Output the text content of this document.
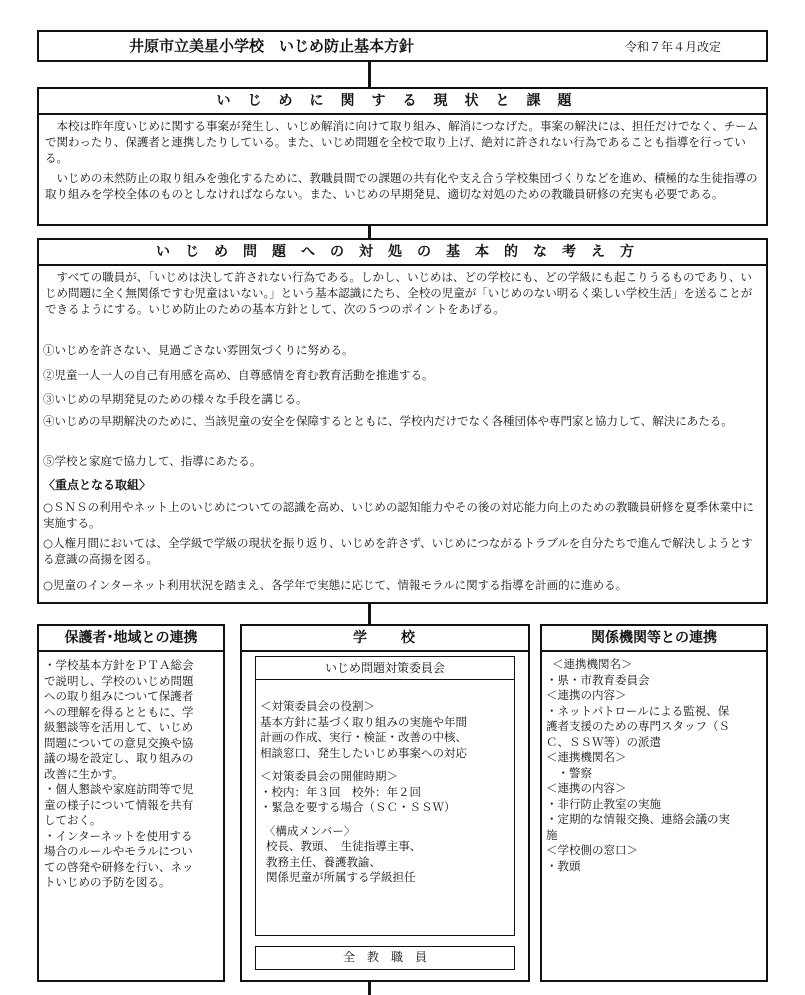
井原市立美星小学校　いじめ防止基本方針	令和７年４月改定
いじめに関する現状と課題
本校は昨年度いじめに関する事案が発生し、いじめ解消に向けて取り組み、解消につなげた。事案の解決には、担任だけでなく、チームで関わったり、保護者と連携したりしている。また、いじめ問題を全校で取り上げ、絶対に許されない行為であることも指導を行っている。
いじめの未然防止の取り組みを強化するために、教職員間での課題の共有化や支え合う学校集団づくりなどを進め、積極的な生徒指導の取り組みを学校全体のものとしなければならない。また、いじめの早期発見、適切な対処のための教職員研修の充実も必要である。
いじめ問題への対処の基本的な考え方
すべての職員が、「いじめは決して許されない行為である。しかし、いじめは、どの学校にも、どの学級にも起こりうるものであり、いじめ問題に全く無関係ですむ児童はいない。」という基本認識にたち、全校の児童が「いじめのない明るく楽しい学校生活」を送ることができるようにする。いじめ防止のための基本方針として、次の５つのポイントをあげる。
①いじめを許さない、見過ごさない雰囲気づくりに努める。
②児童一人一人の自己有用感を高め、自尊感情を育む教育活動を推進する。
③いじめの早期発見のための様々な手段を講じる。
④いじめの早期解決のために、当該児童の安全を保障するとともに、学校内だけでなく各種団体や専門家と協力して、解決にあたる。
⑤学校と家庭で協力して、指導にあたる。
〈重点となる取組〉
○ＳＮＳの利用やネット上のいじめについての認識を高め、いじめの認知能力やその後の対応能力向上のための教職員研修を夏季休業中に実施する。
○人権月間においては、全学級で学級の現状を振り返り、いじめを許さず、いじめにつながるトラブルを自分たちで進んで解決しようとする意識の高揚を図る。
○児童のインターネット利用状況を踏まえ、各学年で実態に応じて、情報モラルに関する指導を計画的に進める。
保護者･地域との連携
・学校基本方針をＰＴＡ総会
で説明し、学校のいじめ問題
への取り組みについて保護者
への理解を得るとともに、学
級懇談等を活用して、いじめ
問題についての意見交換や協
議の場を設定し、取り組みの
改善に生かす。
・個人懇談や家庭訪問等で児
童の様子について情報を共有
しておく。
・インターネットを使用する
場合のルールやモラルについ
ての啓発や研修を行い、ネッ
トいじめの予防を図る。
学　　校
いじめ問題対策委員会
＜対策委員会の役割＞
基本方針に基づく取り組みの実施や年間
計画の作成、実行・検証・改善の中核、
相談窓口、発生したいじめ事案への対応
＜対策委員会の開催時期＞
・校内：年３回　校外：年２回
・緊急を要する場合（ＳＣ・ＳＳＷ）
〈構成メンバー〉
校長、教頭、　生徒指導主事、
教務主任、養護教諭、
関係児童が所属する学級担任
全　教　職　員
関係機関等との連携
＜連携機関名＞
・県・市教育委員会
＜連携の内容＞
・ネットパトロールによる監視、保
護者支援のための専門スタッフ（Ｓ
Ｃ、ＳＳＷ等）の派遣
＜連携機関名＞
　・警察
＜連携の内容＞
・非行防止教室の実施
・定期的な情報交換、連絡会議の実
施
＜学校側の窓口＞
・教頭
